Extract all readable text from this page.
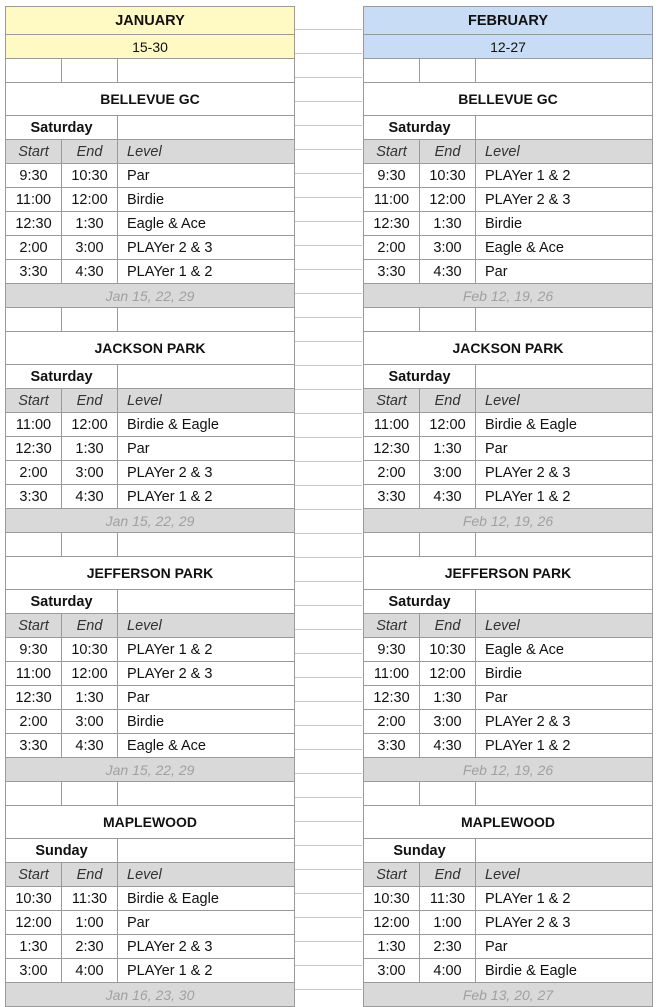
JANUARY
15-30
BELLEVUE GC
Saturday
Start	End	Level
9:30	10:30	Par
11:00	12:00	Birdie
12:30	1:30	Eagle & Ace
2:00	3:00	PLAYer 2 & 3
3:30	4:30	PLAYer 1 & 2
Jan 15, 22, 29
JACKSON PARK
Saturday
Start	End	Level
11:00	12:00	Birdie & Eagle
12:30	1:30	Par
2:00	3:00	PLAYer 2 & 3
3:30	4:30	PLAYer 1 & 2
Jan 15, 22, 29
JEFFERSON PARK
Saturday
Start	End	Level
9:30	10:30	PLAYer 1 & 2
11:00	12:00	PLAYer 2 & 3
12:30	1:30	Par
2:00	3:00	Birdie
3:30	4:30	Eagle & Ace
Jan 15, 22, 29
MAPLEWOOD
Sunday
Start	End	Level
10:30	11:30	Birdie & Eagle
12:00	1:00	Par
1:30	2:30	PLAYer 2 & 3
3:00	4:00	PLAYer 1 & 2
Jan 16, 23, 30
FEBRUARY
12-27
BELLEVUE GC
Saturday
Start	End	Level
9:30	10:30	PLAYer 1 & 2
11:00	12:00	PLAYer 2 & 3
12:30	1:30	Birdie
2:00	3:00	Eagle & Ace
3:30	4:30	Par
Feb 12, 19, 26
JACKSON PARK
Saturday
Start	End	Level
11:00	12:00	Birdie & Eagle
12:30	1:30	Par
2:00	3:00	PLAYer 2 & 3
3:30	4:30	PLAYer 1 & 2
Feb 12, 19, 26
JEFFERSON PARK
Saturday
Start	End	Level
9:30	10:30	Eagle & Ace
11:00	12:00	Birdie
12:30	1:30	Par
2:00	3:00	PLAYer 2 & 3
3:30	4:30	PLAYer 1 & 2
Feb 12, 19, 26
MAPLEWOOD
Sunday
Start	End	Level
10:30	11:30	PLAYer 1 & 2
12:00	1:00	PLAYer 2 & 3
1:30	2:30	Par
3:00	4:00	Birdie & Eagle
Feb 13, 20, 27
